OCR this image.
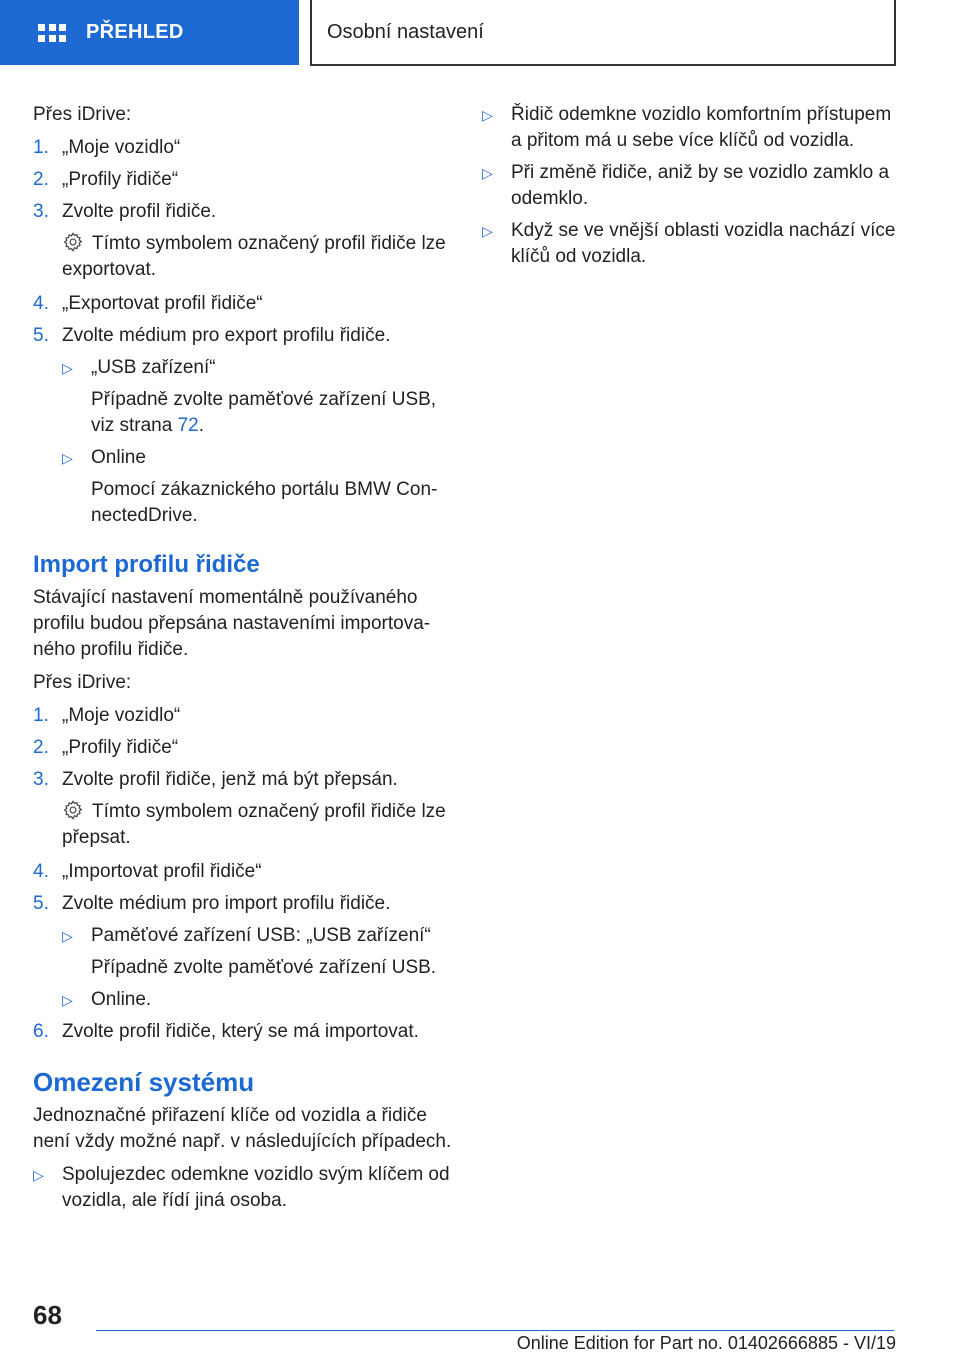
PŘEHLED	Osobní nastavení

Přes iDrive:

1. „Moje vozidlo“
2. „Profily řidiče“
3. Zvolte profil řidiče.

Tímto symbolem označený profil řidiče lze exportovat.

4. „Exportovat profil řidiče“
5. Zvolte médium pro export profilu řidiče.
▷ „USB zařízení“

Případně zvolte paměťové zařízení USB, viz strana 72.

▷ Online

Pomocí zákaznického portálu BMW Con‐nectedDrive.

Import profilu řidiče

Stávající nastavení momentálně používaného profilu budou přepsána nastaveními importova‐ného profilu řidiče.

Přes iDrive:

1. „Moje vozidlo“
2. „Profily řidiče“
3. Zvolte profil řidiče, jenž má být přepsán.

Tímto symbolem označený profil řidiče lze přepsat.

4. „Importovat profil řidiče“
5. Zvolte médium pro import profilu řidiče.
▷ Paměťové zařízení USB: „USB zařízení“

Případně zvolte paměťové zařízení USB.

▷ Online.
6. Zvolte profil řidiče, který se má importovat.
Omezení systému

Jednoznačné přiřazení klíče od vozidla a řidiče není vždy možné např. v následujících případech.

▷ Spolujezdec odemkne vozidlo svým klíčem od vozidla, ale řídí jiná osoba.
▷ Řidič odemkne vozidlo komfortním přístupem a přitom má u sebe více klíčů od vozidla.
▷ Při změně řidiče, aniž by se vozidlo zamklo a odemklo.
▷ Když se ve vnější oblasti vozidla nachází více klíčů od vozidla.
68
Online Edition for Part no. 01402666885 - VI/19
